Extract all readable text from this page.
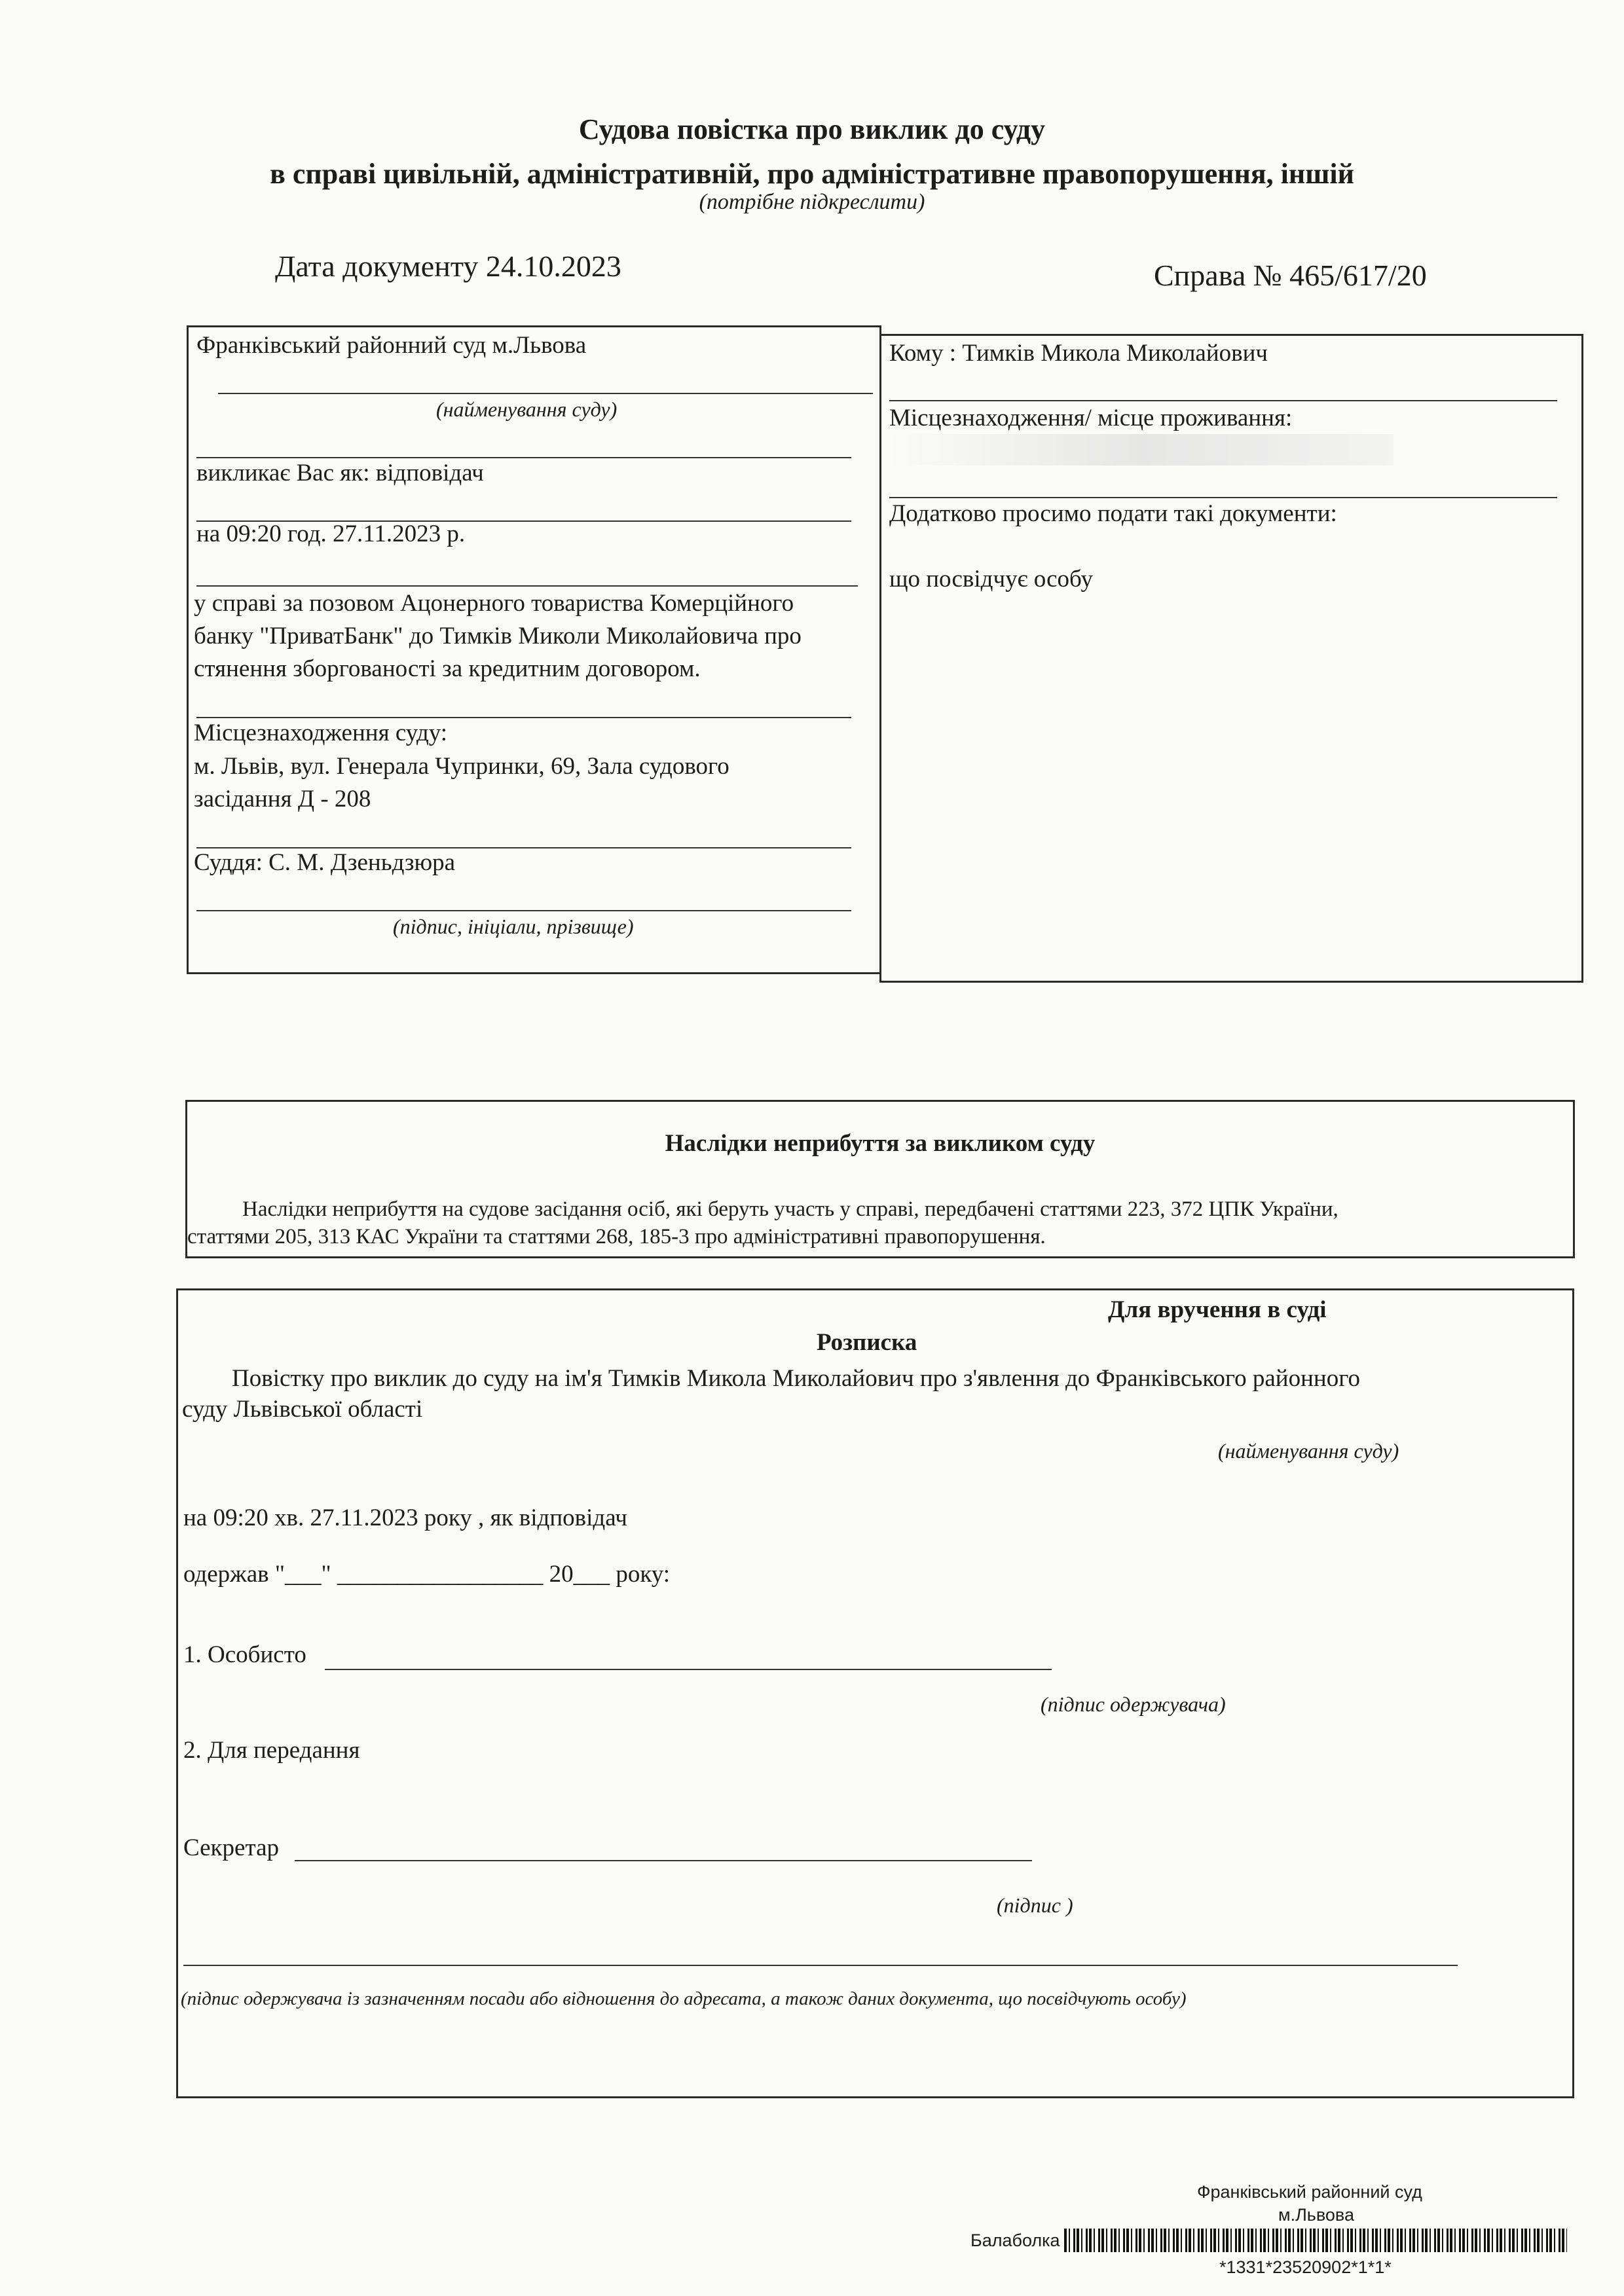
Судова повістка про виклик до суду
в справі цивільній, адміністративній, про адміністративне правопорушення, іншій
(потрібне підкреслити)
Дата документу 24.10.2023	Справа № 465/617/20
Франківський районний суд м.Львова
(найменування суду)
викликає Вас як: відповідач
на 09:20 год. 27.11.2023 р.
у справі за позовом Ацонерного товариства Комерційного
банку "ПриватБанк" до Тимків Миколи Миколайовича про
стянення зборгованості за кредитним договором.
Місцезнаходження суду:
м. Львів, вул. Генерала Чупринки, 69, Зала судового
засідання Д - 208
Суддя: С. М. Дзеньдзюра
(підпис, ініціали, прізвище)
Кому : Тимків Микола Миколайович
Місцезнаходження/ місце проживання:
Додатково просимо подати такі документи:
що посвідчує особу
Наслідки неприбуття за викликом суду
Наслідки неприбуття на судове засідання осіб, які беруть участь у справі, передбачені статтями 223, 372 ЦПК України,
статтями 205, 313 КАС України та статтями 268, 185-3 про адміністративні правопорушення.
Для вручення в суді
Розписка
Повістку про виклик до суду на ім'я Тимків Микола Миколайович про з'явлення до Франківського районного
суду Львівської області
(найменування суду)
на 09:20 хв. 27.11.2023 року , як відповідач
одержав "___" _________________ 20___ року:
1. Особисто
(підпис одержувача)
2. Для передання
Секретар
(підпис )
(підпис одержувача із зазначенням посади або відношення до адресата, а також даних документа, що посвідчують особу)
Франківський районний суд
м.Львова
Балаболка
*1331*23520902*1*1*
